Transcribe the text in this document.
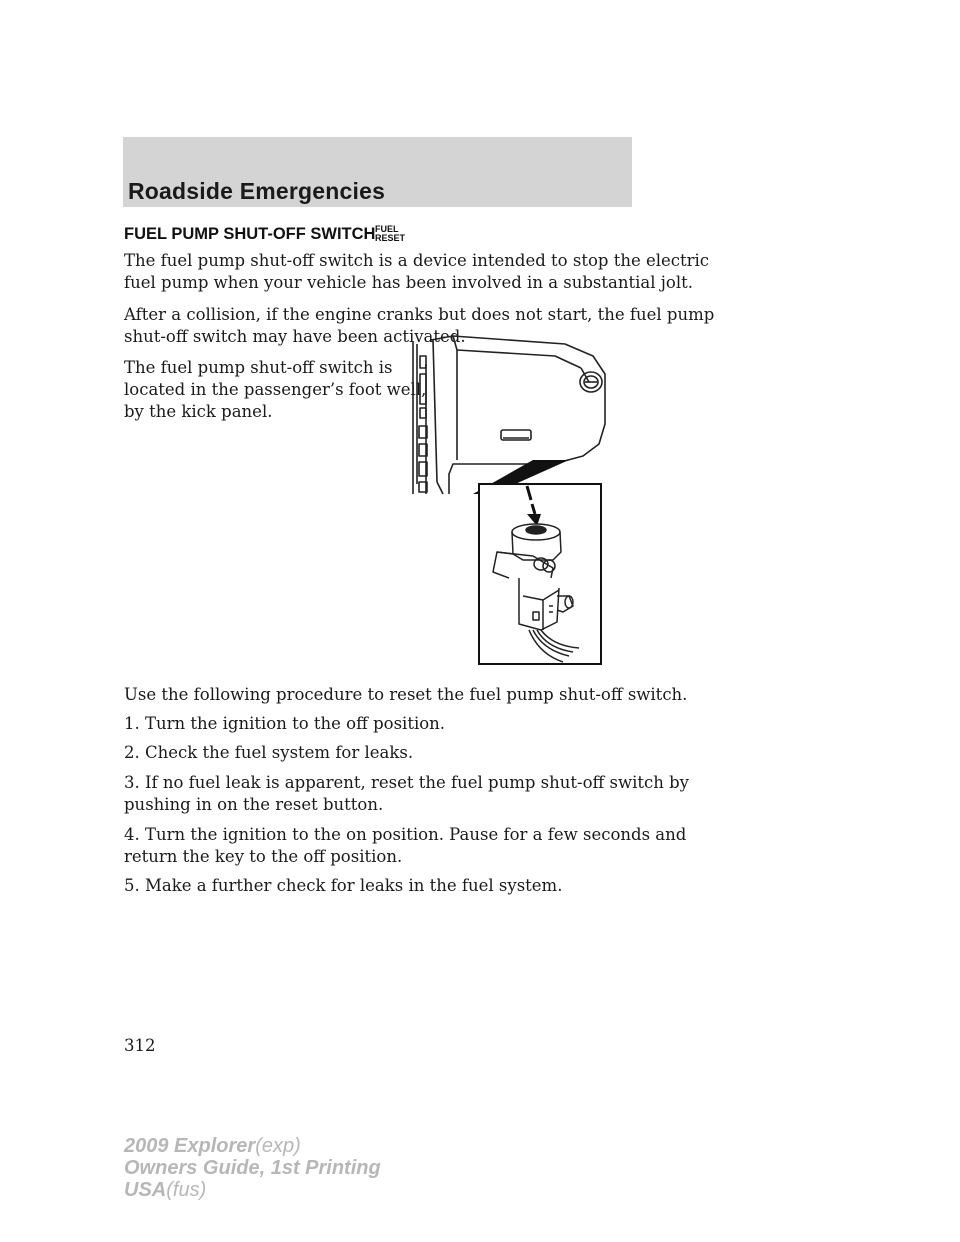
Roadside Emergencies
FUEL PUMP SHUT-OFF SWITCH FUEL
RESET
The fuel pump shut-off switch is a device intended to stop the electric
fuel pump when your vehicle has been involved in a substantial jolt.
After a collision, if the engine cranks but does not start, the fuel pump
shut-off switch may have been activated.
The fuel pump shut-off switch is
located in the passenger’s foot well,
by the kick panel.
Use the following procedure to reset the fuel pump shut-off switch.
1. Turn the ignition to the off position.
2. Check the fuel system for leaks.
3. If no fuel leak is apparent, reset the fuel pump shut-off switch by
pushing in on the reset button.
4. Turn the ignition to the on position. Pause for a few seconds and
return the key to the off position.
5. Make a further check for leaks in the fuel system.
312
2009 Explorer(exp)
Owners Guide, 1st Printing
USA(fus)
